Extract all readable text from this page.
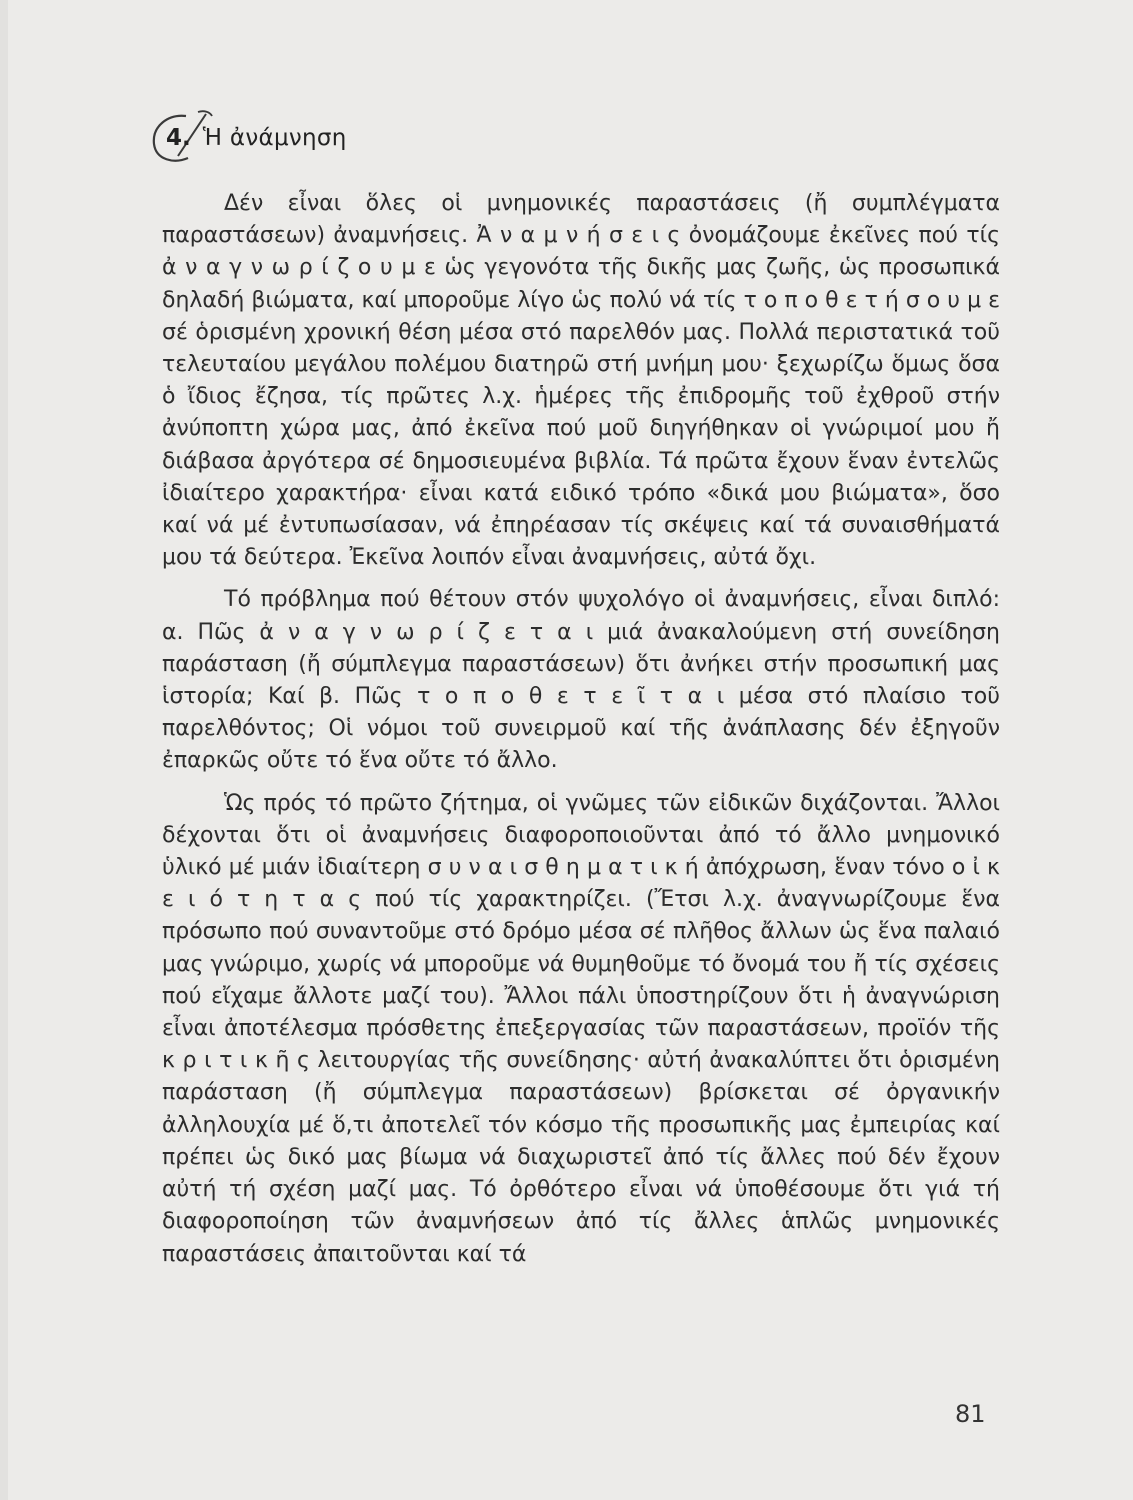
4. Ἡ ἀνάμνηση

Δέν εἶναι ὅλες οἱ μνημονικές παραστάσεις (ἤ συμπλέγματα παραστάσεων) ἀναμνήσεις. Ἀ ν α μ ν ή σ ε ι ς ὀνομάζουμε ἐκεῖνες πού τίς ἀ ν α γ ν ω ρ ί ζ ο υ μ ε ὡς γεγονότα τῆς δικῆς μας ζωῆς, ὡς προσωπικά δηλαδή βιώματα, καί μποροῦμε λίγο ὡς πολύ νά τίς τ ο π ο θ ε τ ή σ ο υ μ ε σέ ὁρισμένη χρονική θέση μέσα στό παρελθόν μας. Πολλά περιστατικά τοῦ τελευταίου μεγάλου πολέμου διατηρῶ στή μνήμη μου· ξεχωρίζω ὅμως ὅσα ὁ ἴδιος ἔζησα, τίς πρῶτες λ.χ. ἡμέρες τῆς ἐπιδρομῆς τοῦ ἐχθροῦ στήν ἀνύποπτη χώρα μας, ἀπό ἐκεῖνα πού μοῦ διηγήθηκαν οἱ γνώριμοί μου ἤ διάβασα ἀργότερα σέ δημοσιευμένα βιβλία. Τά πρῶτα ἔχουν ἕναν ἐντελῶς ἰδιαίτερο χαρακτήρα· εἶναι κατά ειδικό τρόπο «δικά μου βιώματα», ὅσο καί νά μέ ἐντυπωσίασαν, νά ἐπηρέασαν τίς σκέψεις καί τά συναισθήματά μου τά δεύτερα. Ἐκεῖνα λοιπόν εἶναι ἀναμνήσεις, αὐτά ὄχι.

Τό πρόβλημα πού θέτουν στόν ψυχολόγο οἱ ἀναμνήσεις, εἶναι διπλό: α. Πῶς ἀ ν α γ ν ω ρ ί ζ ε τ α ι μιά ἀνακαλούμενη στή συνείδηση παράσταση (ἤ σύμπλεγμα παραστάσεων) ὅτι ἀνήκει στήν προσωπική μας ἱστορία; Καί β. Πῶς τ ο π ο θ ε τ ε ῖ τ α ι μέσα στό πλαίσιο τοῦ παρελθόντος; Οἱ νόμοι τοῦ συνειρμοῦ καί τῆς ἀνάπλασης δέν ἐξηγοῦν ἐπαρκῶς οὔτε τό ἕνα οὔτε τό ἄλλο.

Ὡς πρός τό πρῶτο ζήτημα, οἱ γνῶμες τῶν εἰδικῶν διχάζονται. Ἄλλοι δέχονται ὅτι οἱ ἀναμνήσεις διαφοροποιοῦνται ἀπό τό ἄλλο μνημονικό ὑλικό μέ μιάν ἰδιαίτερη σ υ ν α ι σ θ η μ α τ ι κ ή ἀπόχρωση, ἕναν τόνο ο ἰ κ ε ι ό τ η τ α ς πού τίς χαρακτηρίζει. (Ἔτσι λ.χ. ἀναγνωρίζουμε ἕνα πρόσωπο πού συναντοῦμε στό δρόμο μέσα σέ πλῆθος ἄλλων ὡς ἕνα παλαιό μας γνώριμο, χωρίς νά μποροῦμε νά θυμηθοῦμε τό ὄνομά του ἤ τίς σχέσεις πού εἴχαμε ἄλλοτε μαζί του). Ἄλλοι πάλι ὑποστηρίζουν ὅτι ἡ ἀναγνώριση εἶναι ἀποτέλεσμα πρόσθετης ἐπεξεργασίας τῶν παραστάσεων, προϊόν τῆς κ ρ ι τ ι κ ῆ ς λειτουργίας τῆς συνείδησης· αὐτή ἀνακαλύπτει ὅτι ὁρισμένη παράσταση (ἤ σύμπλεγμα παραστάσεων) βρίσκεται σέ ὀργανικήν ἀλληλουχία μέ ὅ,τι ἀποτελεῖ τόν κόσμο τῆς προσωπικῆς μας ἐμπειρίας καί πρέπει ὡς δικό μας βίωμα νά διαχωριστεῖ ἀπό τίς ἄλλες πού δέν ἔχουν αὐτή τή σχέση μαζί μας. Τό ὀρθότερο εἶναι νά ὑποθέσουμε ὅτι γιά τή διαφοροποίηση τῶν ἀναμνήσεων ἀπό τίς ἄλλες ἁπλῶς μνημονικές παραστάσεις ἀπαιτοῦνται καί τά

81
